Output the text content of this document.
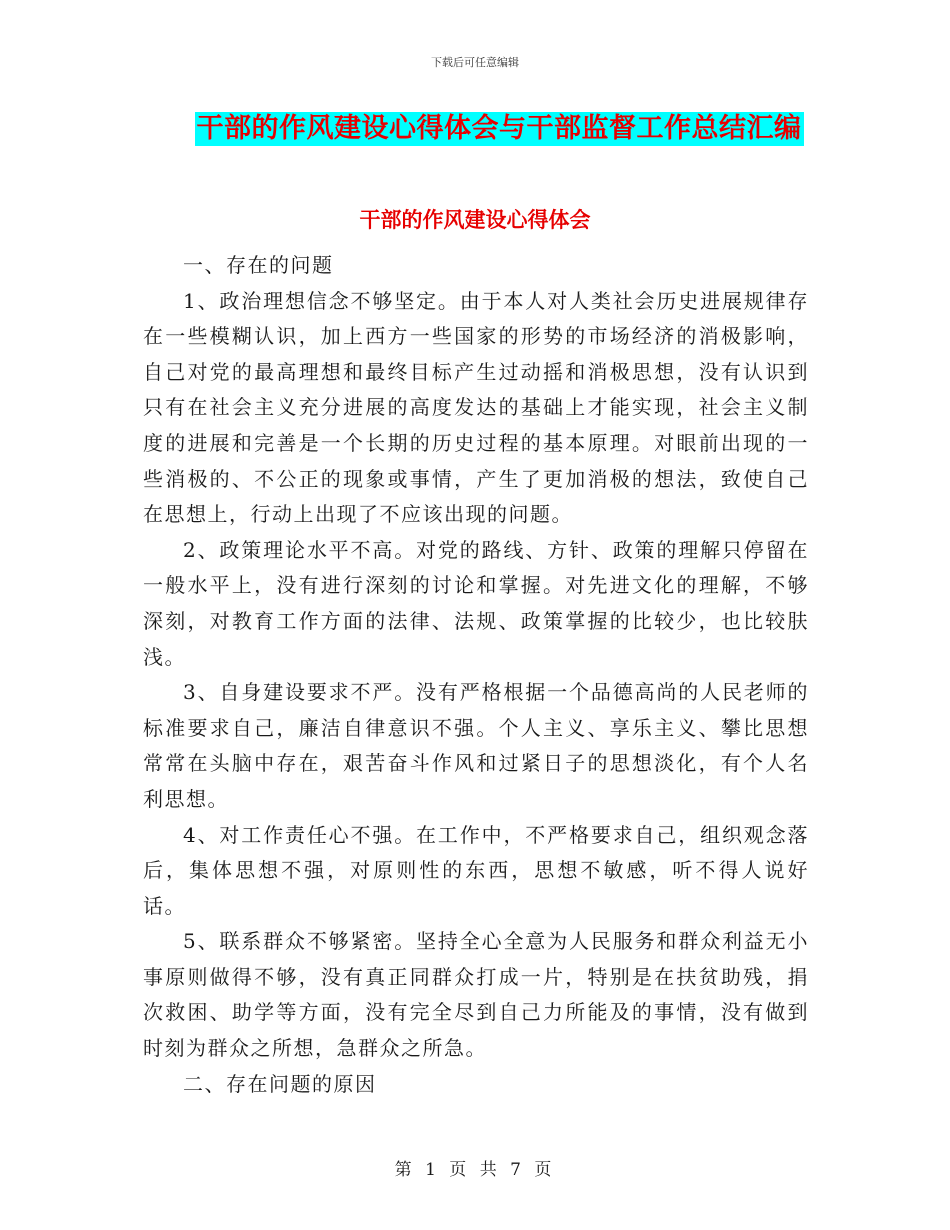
下载后可任意编辑
干部的作风建设心得体会与干部监督工作总结汇编
干部的作风建设心得体会

一、存在的问题

1、政治理想信念不够坚定。由于本人对人类社会历史进展规律存在一些模糊认识，加上西方一些国家的形势的市场经济的消极影响，自己对党的最高理想和最终目标产生过动摇和消极思想，没有认识到只有在社会主义充分进展的高度发达的基础上才能实现，社会主义制度的进展和完善是一个长期的历史过程的基本原理。对眼前出现的一些消极的、不公正的现象或事情，产生了更加消极的想法，致使自己在思想上，行动上出现了不应该出现的问题。

2、政策理论水平不高。对党的路线、方针、政策的理解只停留在一般水平上，没有进行深刻的讨论和掌握。对先进文化的理解，不够深刻，对教育工作方面的法律、法规、政策掌握的比较少，也比较肤浅。

3、自身建设要求不严。没有严格根据一个品德高尚的人民老师的标准要求自己，廉洁自律意识不强。个人主义、享乐主义、攀比思想常常在头脑中存在，艰苦奋斗作风和过紧日子的思想淡化，有个人名利思想。

4、对工作责任心不强。在工作中，不严格要求自己，组织观念落后，集体思想不强，对原则性的东西，思想不敏感，听不得人说好话。

5、联系群众不够紧密。坚持全心全意为人民服务和群众利益无小事原则做得不够，没有真正同群众打成一片，特别是在扶贫助残，捐次救困、助学等方面，没有完全尽到自己力所能及的事情，没有做到时刻为群众之所想，急群众之所急。

二、存在问题的原因

第 1 页 共 7 页
